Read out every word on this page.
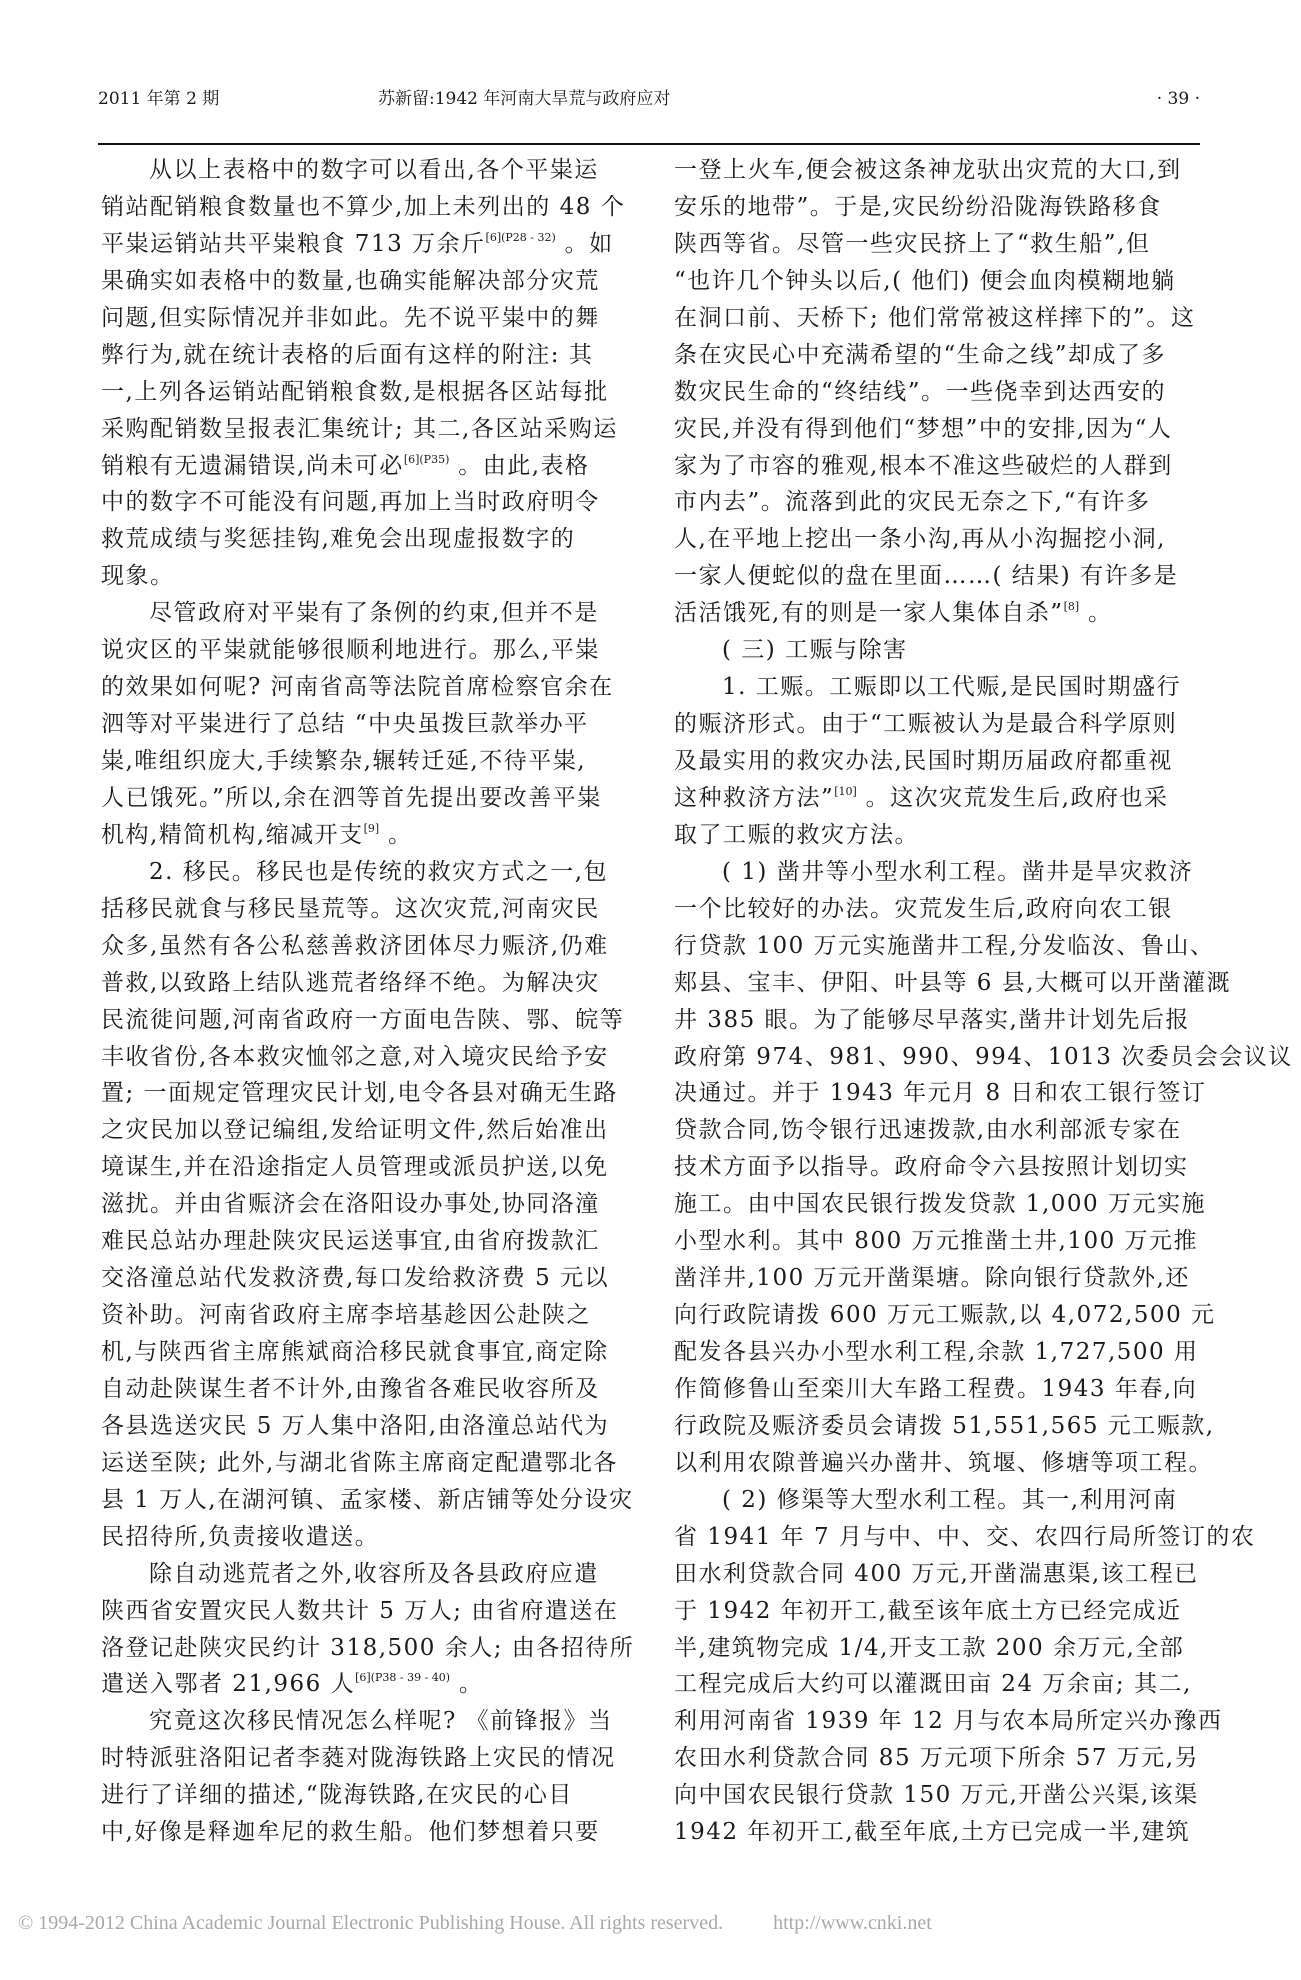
2011 年第 2 期	苏新留:1942 年河南大旱荒与政府应对	· 39 ·
从以上表格中的数字可以看出,各个平粜运
销站配销粮食数量也不算少,加上未列出的 48 个
平粜运销站共平粜粮食 713 万余斤$^{[6](P28 - 32)}$ 。如
果确实如表格中的数量,也确实能解决部分灾荒
问题,但实际情况并非如此。先不说平粜中的舞
弊行为,就在统计表格的后面有这样的附注: 其
一,上列各运销站配销粮食数,是根据各区站每批
采购配销数呈报表汇集统计; 其二,各区站采购运
销粮有无遗漏错误,尚未可必$^{[6](P35)}$ 。由此,表格
中的数字不可能没有问题,再加上当时政府明令
救荒成绩与奖惩挂钩,难免会出现虚报数字的
现象。
尽管政府对平粜有了条例的约束,但并不是
说灾区的平粜就能够很顺利地进行。那么,平粜
的效果如何呢? 河南省高等法院首席检察官余在
泗等对平粜进行了总结 “中央虽拨巨款举办平
粜,唯组织庞大,手续繁杂,辗转迁延,不待平粜,
人已饿死。”所以,余在泗等首先提出要改善平粜
机构,精简机构,缩减开支[9] 。
2. 移民。移民也是传统的救灾方式之一,包
括移民就食与移民垦荒等。这次灾荒,河南灾民
众多,虽然有各公私慈善救济团体尽力赈济,仍难
普救,以致路上结队逃荒者络绎不绝。为解决灾
民流徙问题,河南省政府一方面电告陕、鄂、皖等
丰收省份,各本救灾恤邻之意,对入境灾民给予安
置; 一面规定管理灾民计划,电令各县对确无生路
之灾民加以登记编组,发给证明文件,然后始准出
境谋生,并在沿途指定人员管理或派员护送,以免
滋扰。并由省赈济会在洛阳设办事处,协同洛潼
难民总站办理赴陕灾民运送事宜,由省府拨款汇
交洛潼总站代发救济费,每口发给救济费 5 元以
资补助。河南省政府主席李培基趁因公赴陕之
机,与陕西省主席熊斌商洽移民就食事宜,商定除
自动赴陕谋生者不计外,由豫省各难民收容所及
各县选送灾民 5 万人集中洛阳,由洛潼总站代为
运送至陕; 此外,与湖北省陈主席商定配遣鄂北各
县 1 万人,在湖河镇、孟家楼、新店铺等处分设灾
民招待所,负责接收遣送。
除自动逃荒者之外,收容所及各县政府应遣
陕西省安置灾民人数共计 5 万人; 由省府遣送在
洛登记赴陕灾民约计 318,500 余人; 由各招待所
遣送入鄂者 21,966 人$^{[6](P38 - 39 - 40)}$ 。
究竟这次移民情况怎么样呢? 《前锋报》当
时特派驻洛阳记者李蕤对陇海铁路上灾民的情况
进行了详细的描述,“陇海铁路,在灾民的心目
中,好像是释迦牟尼的救生船。他们梦想着只要
一登上火车,便会被这条神龙驮出灾荒的大口,到
安乐的地带”。于是,灾民纷纷沿陇海铁路移食
陕西等省。尽管一些灾民挤上了“救生船”,但
“也许几个钟头以后,( 他们) 便会血肉模糊地躺
在洞口前、天桥下; 他们常常被这样摔下的”。这
条在灾民心中充满希望的“生命之线”却成了多
数灾民生命的“终结线”。一些侥幸到达西安的
灾民,并没有得到他们“梦想”中的安排,因为“人
家为了市容的雅观,根本不准这些破烂的人群到
市内去”。流落到此的灾民无奈之下,“有许多
人,在平地上挖出一条小沟,再从小沟掘挖小洞,
一家人便蛇似的盘在里面……( 结果) 有许多是
活活饿死,有的则是一家人集体自杀”[8] 。
( 三) 工赈与除害
1. 工赈。工赈即以工代赈,是民国时期盛行
的赈济形式。由于“工赈被认为是最合科学原则
及最实用的救灾办法,民国时期历届政府都重视
这种救济方法”[10] 。这次灾荒发生后,政府也采
取了工赈的救灾方法。
( 1) 凿井等小型水利工程。凿井是旱灾救济
一个比较好的办法。灾荒发生后,政府向农工银
行贷款 100 万元实施凿井工程,分发临汝、鲁山、
郏县、宝丰、伊阳、叶县等 6 县,大概可以开凿灌溉
井 385 眼。为了能够尽早落实,凿井计划先后报
政府第 974、981、990、994、1013 次委员会会议议
决通过。并于 1943 年元月 8 日和农工银行签订
贷款合同,饬令银行迅速拨款,由水利部派专家在
技术方面予以指导。政府命令六县按照计划切实
施工。由中国农民银行拨发贷款 1,000 万元实施
小型水利。其中 800 万元推凿土井,100 万元推
凿洋井,100 万元开凿渠塘。除向银行贷款外,还
向行政院请拨 600 万元工赈款,以 4,072,500 元
配发各县兴办小型水利工程,余款 1,727,500 用
作简修鲁山至栾川大车路工程费。1943 年春,向
行政院及赈济委员会请拨 51,551,565 元工赈款,
以利用农隙普遍兴办凿井、筑堰、修塘等项工程。
( 2) 修渠等大型水利工程。其一,利用河南
省 1941 年 7 月与中、中、交、农四行局所签订的农
田水利贷款合同 400 万元,开凿湍惠渠,该工程已
于 1942 年初开工,截至该年底土方已经完成近
半,建筑物完成 1/4,开支工款 200 余万元,全部
工程完成后大约可以灌溉田亩 24 万余亩; 其二,
利用河南省 1939 年 12 月与农本局所定兴办豫西
农田水利贷款合同 85 万元项下所余 57 万元,另
向中国农民银行贷款 150 万元,开凿公兴渠,该渠
1942 年初开工,截至年底,土方已完成一半,建筑
© 1994-2012 China Academic Journal Electronic Publishing House. All rights reserved.	http://www.cnki.net
